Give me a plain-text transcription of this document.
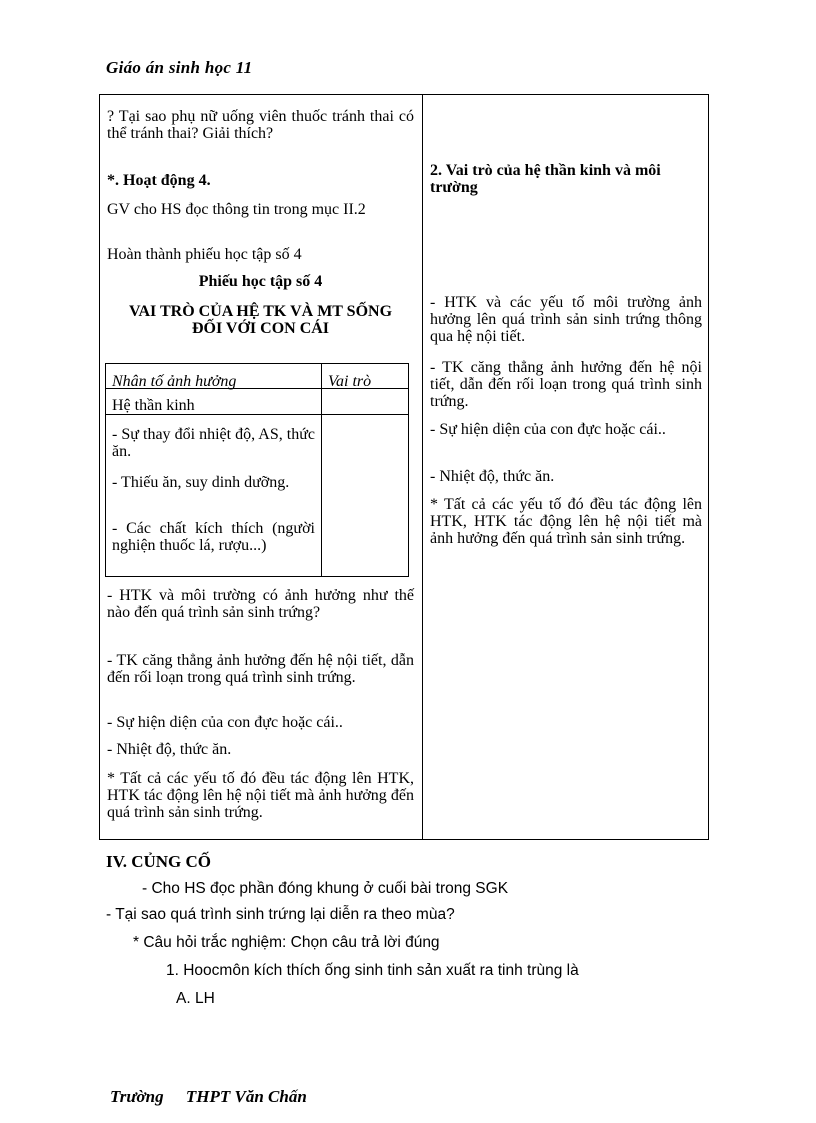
Giáo án sinh học 11

? Tại sao phụ nữ uống viên thuốc tránh thai có thể tránh thai? Giải thích?

*. Hoạt động 4.

GV cho HS đọc thông tin trong mục II.2

Hoàn thành phiếu học tập số 4

Phiếu học tập số 4

VAI TRÒ CỦA HỆ TK VÀ MT SỐNG ĐỐI VỚI CON CÁI

Nhân tố ảnh hưởng	Vai trò
Hệ thần kinh
- Sự thay đổi nhiệt độ, AS, thức ăn.
- Thiếu ăn, suy dinh dưỡng.
- Các chất kích thích (người nghiện thuốc lá, rượu...)

- HTK và môi trường có ảnh hưởng như thế nào đến quá trình sản sinh trứng?

- TK căng thẳng ảnh hưởng đến hệ nội tiết, dẫn đến rối loạn trong quá trình sinh trứng.

- Sự hiện diện của con đực hoặc cái..

- Nhiệt độ, thức ăn.

* Tất cả các yếu tố đó đều tác động lên HTK, HTK tác động lên hệ nội tiết mà ảnh hưởng đến quá trình sản sinh trứng.

2. Vai trò của hệ thần kinh và môi trường

- HTK và các yếu tố môi trường ảnh hưởng lên quá trình sản sinh trứng thông qua hệ nội tiết.

- TK căng thẳng ảnh hưởng đến hệ nội tiết, dẫn đến rối loạn trong quá trình sinh trứng.

- Sự hiện diện của con đực hoặc cái..

- Nhiệt độ, thức ăn.

* Tất cả các yếu tố đó đều tác động lên HTK, HTK tác động lên hệ nội tiết mà ảnh hưởng đến quá trình sản sinh trứng.

IV. CỦNG CỐ
- Cho HS đọc phần đóng khung ở cuối bài trong SGK
- Tại sao quá trình sinh trứng lại diễn ra theo mùa?
* Câu hỏi trắc nghiệm: Chọn câu trả lời đúng
1. Hoocmôn kích thích ống sinh tinh sản xuất ra tinh trùng là
A. LH
Trường THPT Văn Chấn
